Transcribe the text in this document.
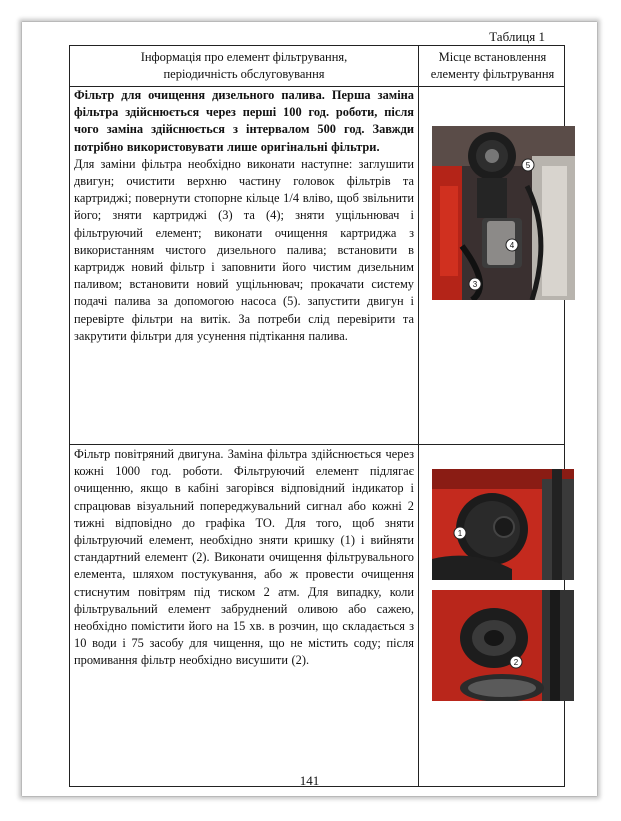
Таблиця 1
Інформація про елемент фільтрування,
періодичність обслуговування
Місце встановлення
елементу фільтрування

Фільтр для очищення дизельного палива. Перша заміна фільтра здійснюється через перші 100 год. роботи, після чого заміна здійснюється з інтервалом 500 год. Завжди потрібно використовувати лише оригінальні фільтри.

Для заміни фільтра необхідно виконати наступне: заглушити двигун; очистити верхню частину головок фільтрів та картриджі; повернути стопорне кільце 1/4 вліво, щоб звільнити його; зняти картриджі (3) та (4); зняти ущільнювач і фільтруючий елемент; виконати очищення картриджа з використанням чистого дизельного палива; встановити в картридж новий фільтр і заповнити його чистим дизельним паливом; встановити новий ущільнювач; прокачати систему подачі палива за допомогою насоса (5). запустити двигун і перевірте фільтри на витік. За потреби слід перевірити та закрутити фільтри для усунення підтікання палива.

5
4
3

Фільтр повітряний двигуна. Заміна фільтра здійснюється через кожні 1000 год. роботи. Фільтруючий елемент підлягає очищенню, якщо в кабіні загорівся відповідний індикатор і спрацював візуальний попереджувальний сигнал або кожні 2 тижні відповідно до графіка ТО. Для того, щоб зняти фільтруючий елемент, необхідно зняти кришку (1) і вийняти стандартний елемент (2). Виконати очищення фільтрувального елемента, шляхом постукування, або ж провести очищення стиснутим повітрям під тиском 2 атм. Для випадку, коли фільтрувальний елемент забруднений оливою або сажею, необхідно помістити його на 15 хв. в розчин, що складається з 10 води і 75 засобу для чищення, що не містить соду; після промивання фільтр необхідно висушити (2).

1
2
141
